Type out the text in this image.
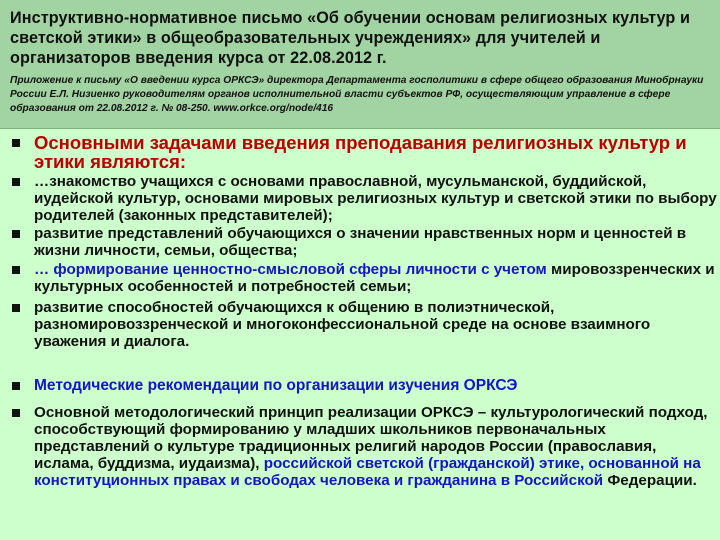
Инструктивно-нормативное письмо «Об обучении основам религиозных культур и светской этики» в общеобразовательных учреждениях» для учителей и организаторов введения курса от 22.08.2012 г.

Приложение к письму «О введении курса ОРКСЭ» директора Департамента госполитики в сфере общего образования Минобрнауки России Е.Л. Низиенко руководителям органов исполнительной власти субъектов РФ, осуществляющим управление в сфере образования от 22.08.2012 г. № 08-250. www.orkce.org/node/416

Основными задачами введения преподавания религиозных культур и этики являются:
…знакомство учащихся с основами православной, мусульманской, буддийской, иудейской культур, основами мировых религиозных культур и светской этики по выбору родителей (законных представителей);
развитие представлений обучающихся о значении нравственных норм и ценностей в жизни личности, семьи, общества;
… формирование ценностно-смысловой сферы личности с учетом мировоззренческих и культурных особенностей и потребностей семьи;
развитие способностей обучающихся к общению в полиэтнической, разномировоззренческой и многоконфессиональной среде на основе взаимного уважения и диалога.
Методические рекомендации по организации изучения ОРКСЭ
Основной методологический принцип реализации ОРКСЭ – культурологический подход, способствующий формированию у младших школьников первоначальных представлений о культуре традиционных религий народов России (православия, ислама, буддизма, иудаизма), российской светской (гражданской) этике, основанной на конституционных правах и свободах человека и гражданина в Российской Федерации.
